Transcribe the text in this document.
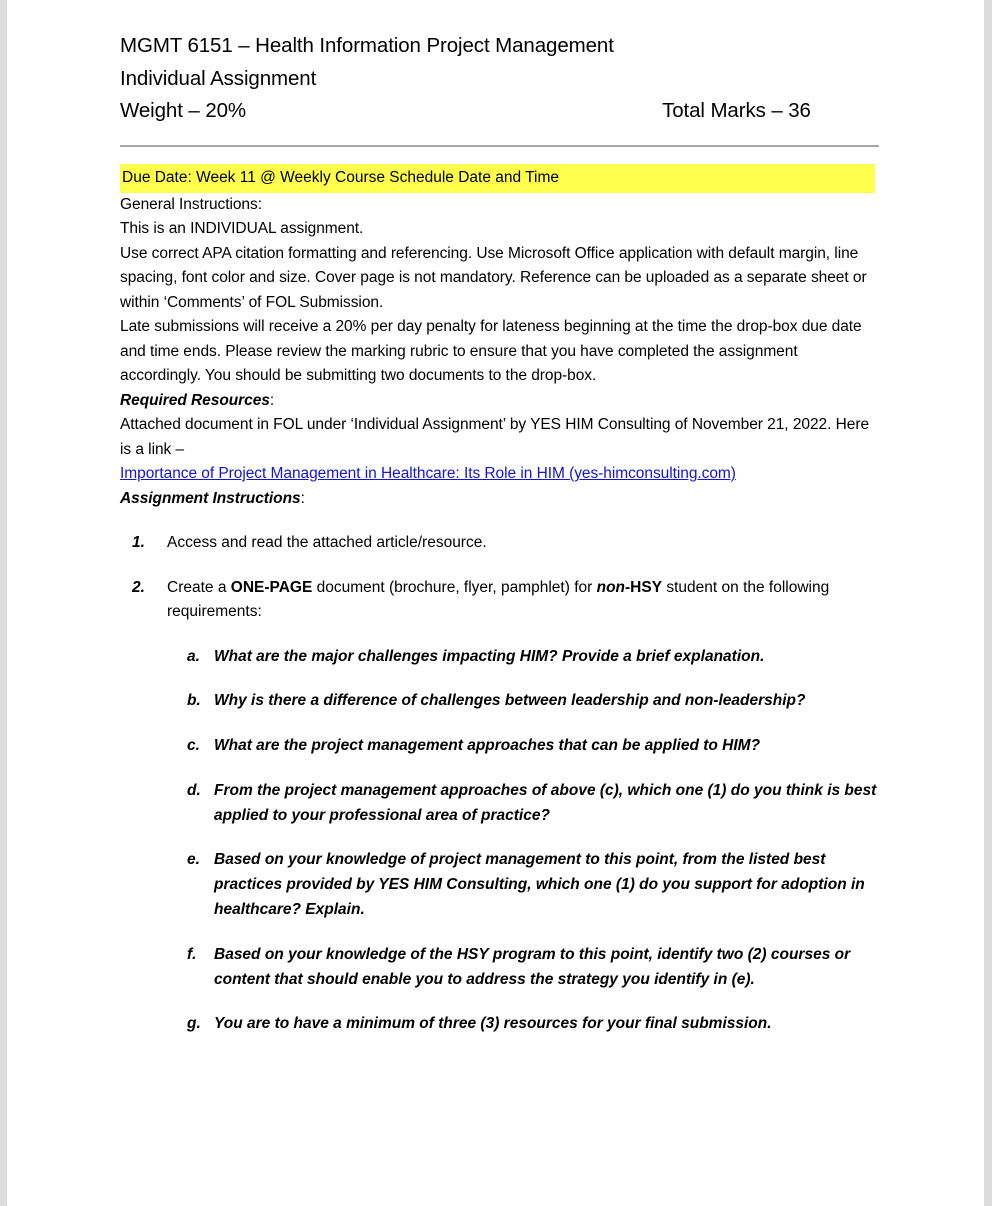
MGMT 6151 – Health Information Project Management
Individual Assignment
Weight – 20%	Total Marks – 36
Due Date: Week 11 @ Weekly Course Schedule Date and Time

General Instructions:

This is an INDIVIDUAL assignment.

Use correct APA citation formatting and referencing. Use Microsoft Office application with default margin, line spacing, font color and size. Cover page is not mandatory. Reference can be uploaded as a separate sheet or within ‘Comments’ of FOL Submission.

Late submissions will receive a 20% per day penalty for lateness beginning at the time the drop-box due date and time ends. Please review the marking rubric to ensure that you have completed the assignment accordingly. You should be submitting two documents to the drop-box.

Required Resources:

Attached document in FOL under ‘Individual Assignment’ by YES HIM Consulting of November 21, 2022. Here is a link –

Importance of Project Management in Healthcare: Its Role in HIM (yes-himconsulting.com)

Assignment Instructions:

1. Access and read the attached article/resource.
2. Create a ONE-PAGE document (brochure, flyer, pamphlet) for non-HSY student on the following requirements:
a. What are the major challenges impacting HIM? Provide a brief explanation.
b. Why is there a difference of challenges between leadership and non-leadership?
c. What are the project management approaches that can be applied to HIM?
d. From the project management approaches of above (c), which one (1) do you think is best applied to your professional area of practice?
e. Based on your knowledge of project management to this point, from the listed best practices provided by YES HIM Consulting, which one (1) do you support for adoption in healthcare? Explain.
f. Based on your knowledge of the HSY program to this point, identify two (2) courses or content that should enable you to address the strategy you identify in (e).
g. You are to have a minimum of three (3) resources for your final submission.
